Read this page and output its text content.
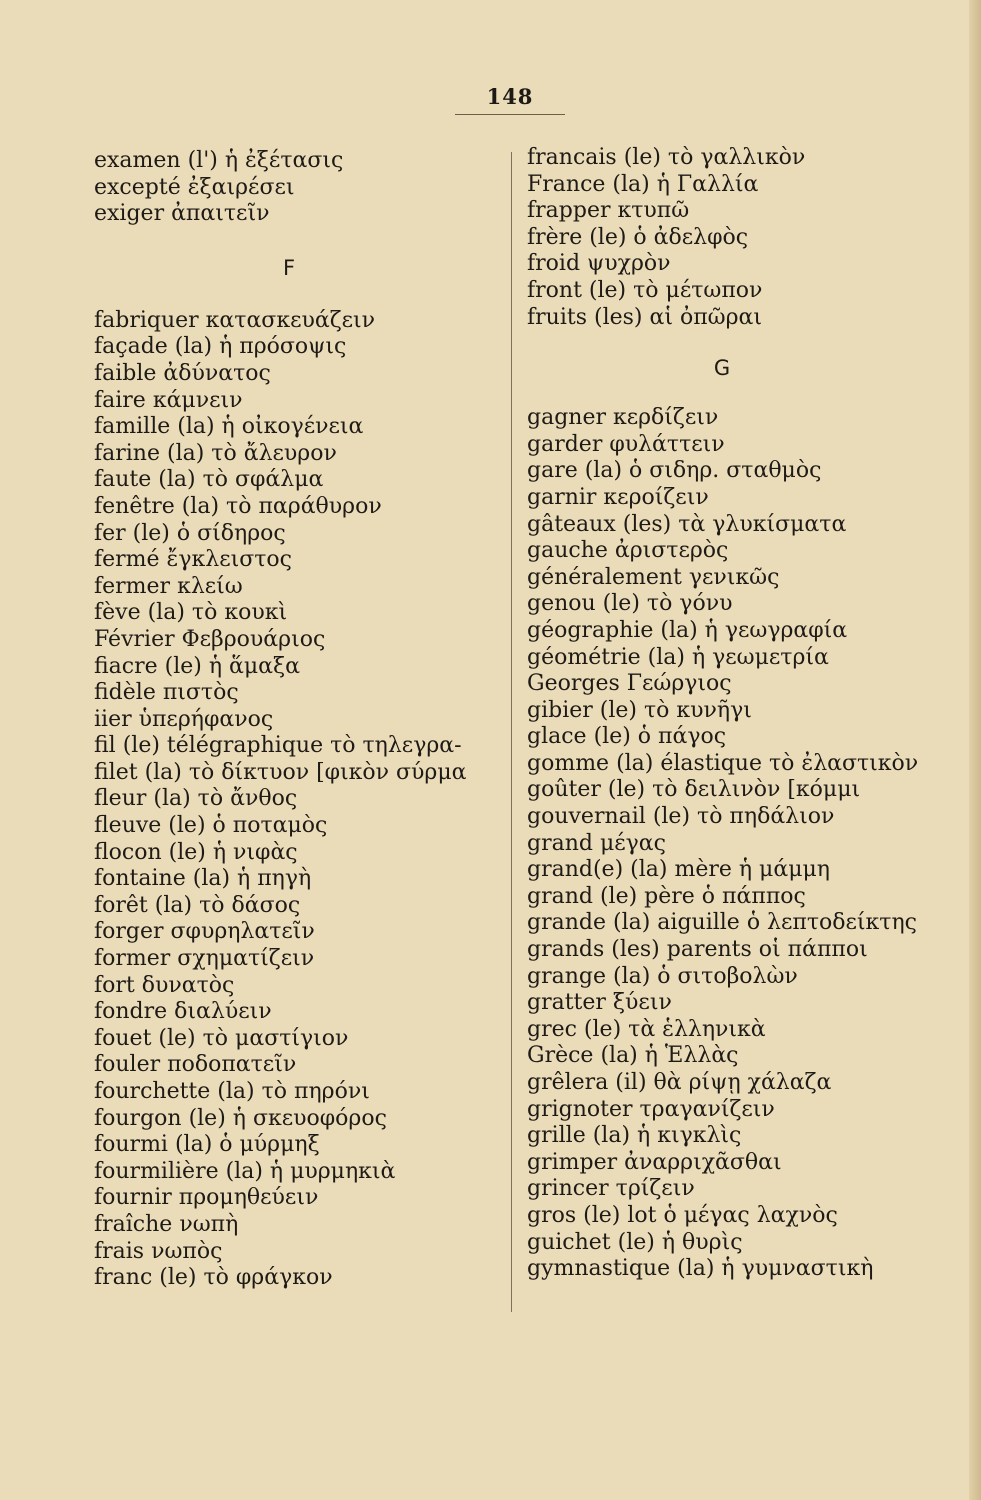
148
examen (l') ἡ ἐξέτασις
excepté ἐξαιρέσει
exiger ἀπαιτεῖν
F
fabriquer κατασκευάζειν
façade (la) ἡ πρόσοψις
faible ἀδύνατος
faire κάμνειν
famille (la) ἡ οἰκογένεια
farine (la) τὸ ἄλευρον
faute (la) τὸ σφάλμα
fenêtre (la) τὸ παράθυρον
fer (le) ὁ σίδηρος
fermé ἔγκλειστος
fermer κλείω
fève (la) τὸ κουκὶ
Février Φεβρουάριος
fiacre (le) ἡ ἅμαξα
fidèle πιστὸς
iier ὑπερήφανος
fil (le) télégraphique τὸ τηλεγρα-
filet (la) τὸ δίκτυον [φικὸν σύρμα
fleur (la) τὸ ἄνθος
fleuve (le) ὁ ποταμὸς
flocon (le) ἡ νιφὰς
fontaine (la) ἡ πηγὴ
forêt (la) τὸ δάσος
forger σφυρηλατεῖν
former σχηματίζειν
fort δυνατὸς
fondre διαλύειν
fouet (le) τὸ μαστίγιον
fouler ποδοπατεῖν
fourchette (la) τὸ πηρόνι
fourgon (le) ἡ σκευοφόρος
fourmi (la) ὁ μύρμηξ
fourmilière (la) ἡ μυρμηκιὰ
fournir προμηθεύειν
fraîche νωπὴ
frais νωπὸς
franc (le) τὸ φράγκον
francais (le) τὸ γαλλικὸν
France (la) ἡ Γαλλία
frapper κτυπῶ
frère (le) ὁ ἀδελφὸς
froid ψυχρὸν
front (le) τὸ μέτωπον
fruits (les) αἱ ὀπῶραι
G
gagner κερδίζειν
garder φυλάττειν
gare (la) ὁ σιδηρ. σταθμὸς
garnir κεροίζειν
gâteaux (les) τὰ γλυκίσματα
gauche ἀριστερὸς
généralement γενικῶς
genou (le) τὸ γόνυ
géographie (la) ἡ γεωγραφία
géométrie (la) ἡ γεωμετρία
Georges Γεώργιος
gibier (le) τὸ κυνῆγι
glace (le) ὁ πάγος
gomme (la) élastique τὸ ἐλαστικὸν
goûter (le) τὸ δειλινὸν [κόμμι
gouvernail (le) τὸ πηδάλιον
grand μέγας
grand(e) (la) mère ἡ μάμμη
grand (le) père ὁ πάππος
grande (la) aiguille ὁ λεπτοδείκτης
grands (les) parents οἱ πάπποι
grange (la) ὁ σιτοβολὼν
gratter ξύειν
grec (le) τὰ ἑλληνικὰ
Grèce (la) ἡ Ἑλλὰς
grêlera (il) θὰ ρίψῃ χάλαζα
grignoter τραγανίζειν
grille (la) ἡ κιγκλὶς
grimper ἀναρριχᾶσθαι
grincer τρίζειν
gros (le) lot ὁ μέγας λαχνὸς
guichet (le) ἡ θυρὶς
gymnastique (la) ἡ γυμναστικὴ
